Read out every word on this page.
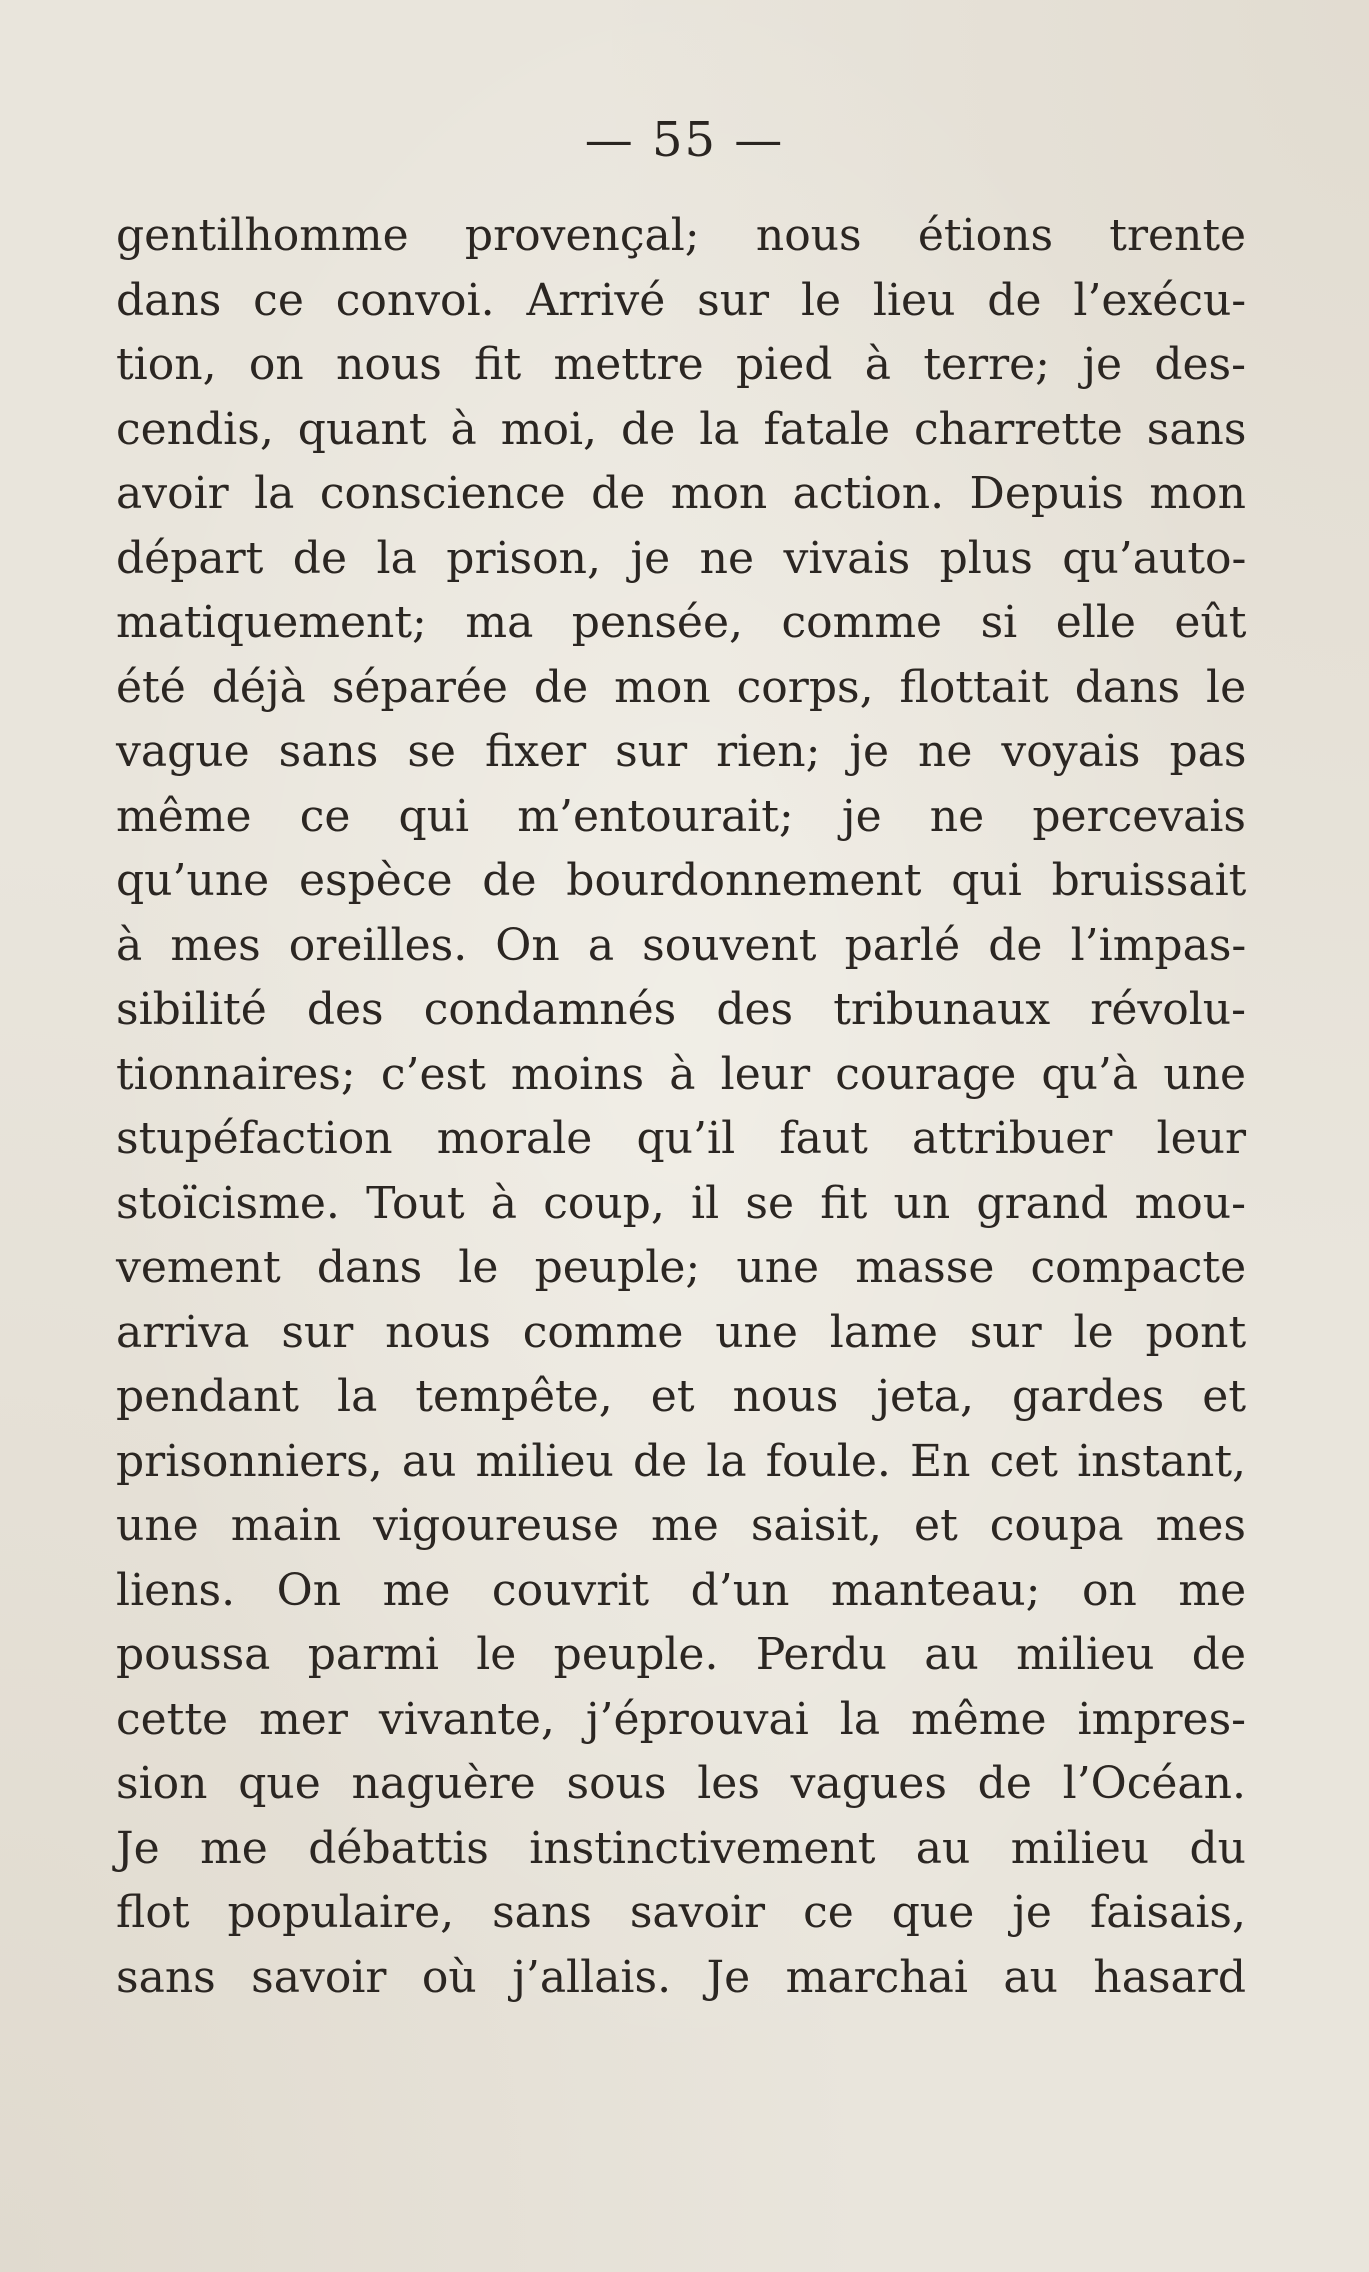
— 55 —
gentilhomme provençal; nous étions trente
dans ce convoi. Arrivé sur le lieu de l’exécu-
tion, on nous fit mettre pied à terre; je des-
cendis, quant à moi, de la fatale charrette sans
avoir la conscience de mon action. Depuis mon
départ de la prison, je ne vivais plus qu’auto-
matiquement; ma pensée, comme si elle eût
été déjà séparée de mon corps, flottait dans le
vague sans se fixer sur rien; je ne voyais pas
même ce qui m’entourait; je ne percevais
qu’une espèce de bourdonnement qui bruissait
à mes oreilles. On a souvent parlé de l’impas-
sibilité des condamnés des tribunaux révolu-
tionnaires; c’est moins à leur courage qu’à une
stupéfaction morale qu’il faut attribuer leur
stoïcisme. Tout à coup, il se fit un grand mou-
vement dans le peuple; une masse compacte
arriva sur nous comme une lame sur le pont
pendant la tempête, et nous jeta, gardes et
prisonniers, au milieu de la foule. En cet instant,
une main vigoureuse me saisit, et coupa mes
liens. On me couvrit d’un manteau; on me
poussa parmi le peuple. Perdu au milieu de
cette mer vivante, j’éprouvai la même impres-
sion que naguère sous les vagues de l’Océan.
Je me débattis instinctivement au milieu du
flot populaire, sans savoir ce que je faisais,
sans savoir où j’allais. Je marchai au hasard
